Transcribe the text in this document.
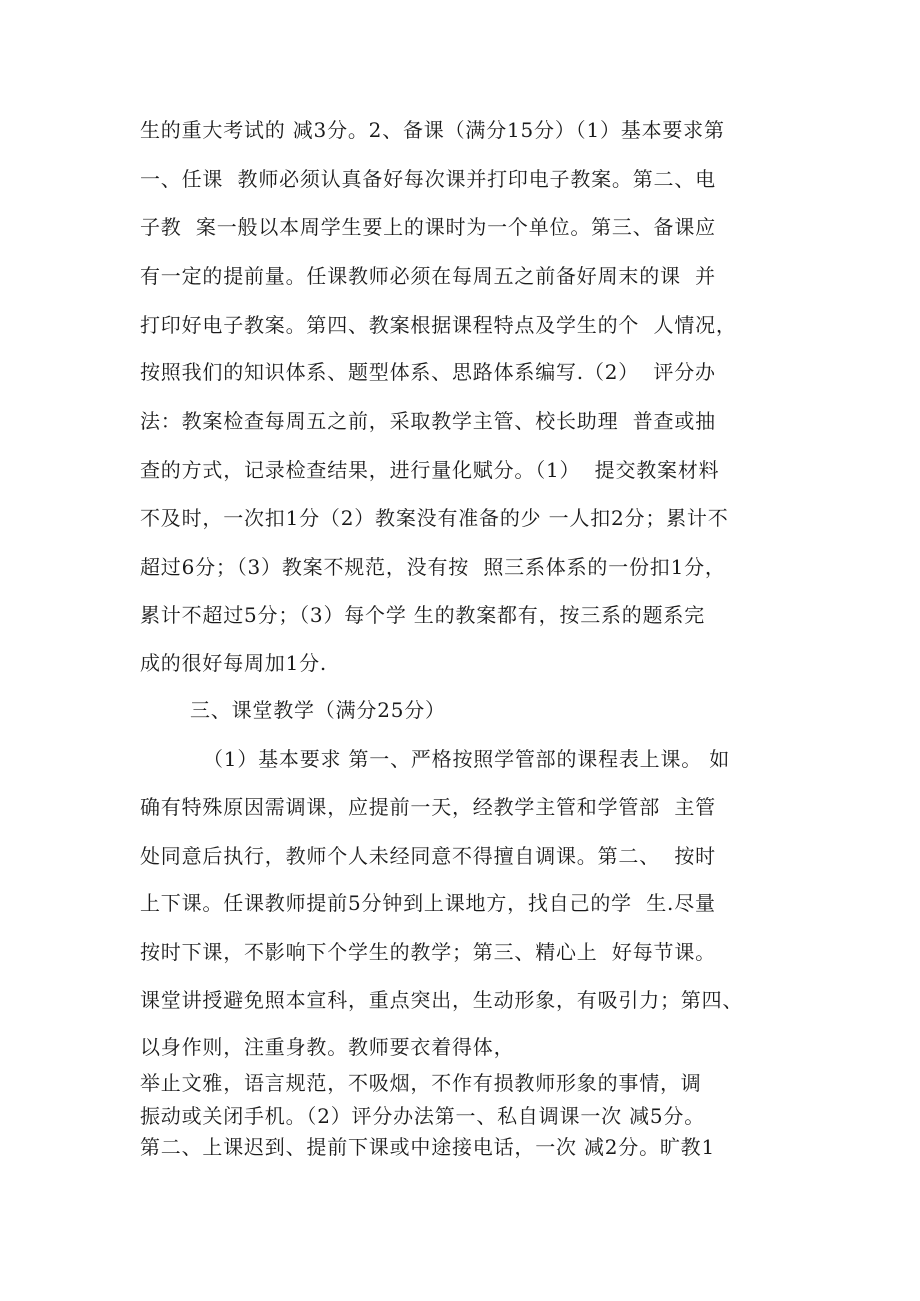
生的重大考试的 减3分。2、备课（满分15分）（1）基本要求第
一、任课  教师必须认真备好每次课并打印电子教案。第二、电
子教  案一般以本周学生要上的课时为一个单位。第三、备课应
有一定的提前量。任课教师必须在每周五之前备好周末的课  并
打印好电子教案。第四、教案根据课程特点及学生的个  人情况，
按照我们的知识体系、题型体系、思路体系编写.（2）  评分办
法：教案检查每周五之前，采取教学主管、校长助理  普查或抽
查的方式，记录检查结果，进行量化赋分。（1）  提交教案材料
不及时，一次扣1分（2）教案没有准备的少 一人扣2分；累计不
超过6分；（3）教案不规范，没有按  照三系体系的一份扣1分，
累计不超过5分；（3）每个学 生的教案都有，按三系的题系完
成的很好每周加1分.
三、课堂教学（满分25分）
（1）基本要求 第一、严格按照学管部的课程表上课。 如
确有特殊原因需调课，应提前一天，经教学主管和学管部  主管
处同意后执行，教师个人未经同意不得擅自调课。第二、  按时
上下课。任课教师提前5分钟到上课地方，找自己的学  生.尽量
按时下课，不影响下个学生的教学；第三、精心上  好每节课。
课堂讲授避免照本宣科，重点突出，生动形象，有吸引力；第四、
以身作则，注重身教。教师要衣着得体，
举止文雅，语言规范，不吸烟，不作有损教师形象的事情，调
振动或关闭手机。（2）评分办法第一、私自调课一次 减5分。
第二、上课迟到、提前下课或中途接电话，一次 减2分。旷教1
